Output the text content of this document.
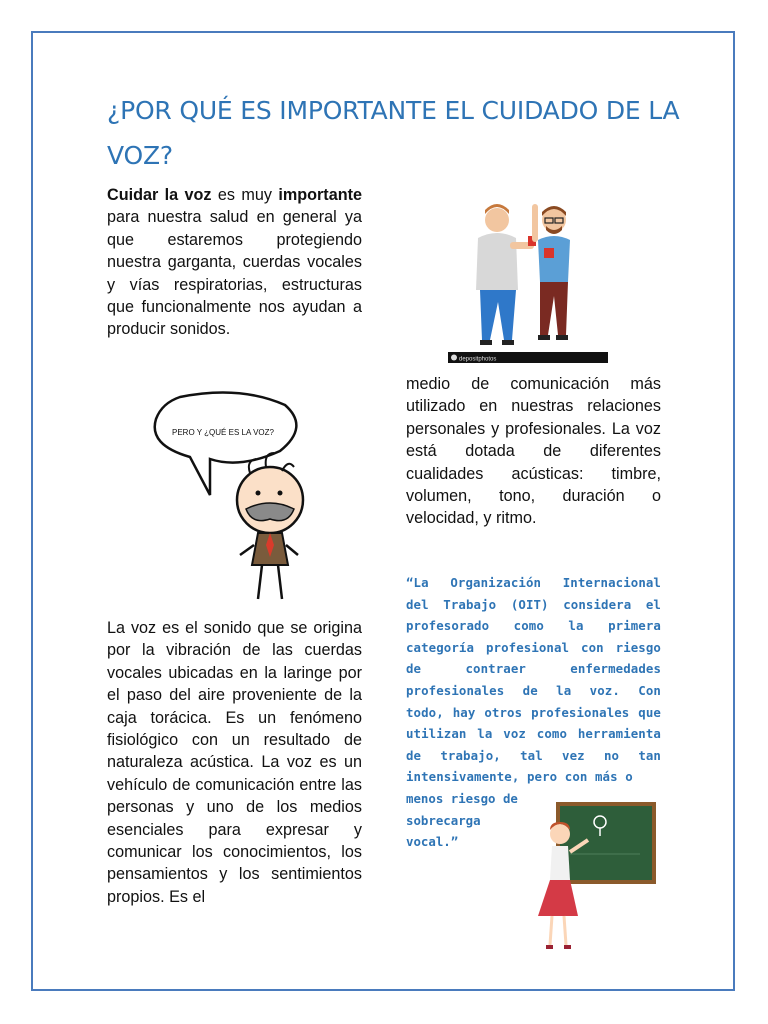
¿POR QUÉ ES IMPORTANTE EL CUIDADO DE LA VOZ?

Cuidar la voz es muy importante para nuestra salud en general ya que estaremos protegiendo nuestra garganta, cuerdas vocales y vías respiratorias, estructuras que funcionalmente nos ayudan a producir sonidos.

depositphotos

medio de comunicación más utilizado en nuestras relaciones personales y profesionales. La voz está dotada de diferentes cualidades acústicas: timbre, volumen, tono, duración o velocidad, y ritmo.

PERO Y ¿QUÉ ES LA VOZ?

La voz es el sonido que se origina por la vibración de las cuerdas vocales ubicadas en la laringe por el paso del aire proveniente de la caja torácica. Es un fenómeno fisiológico con un resultado de naturaleza acústica. La voz es un vehículo de comunicación entre las personas y uno de los medios esenciales para expresar y comunicar los conocimientos, los pensamientos y los sentimientos propios. Es el

“La Organización Internacional del Trabajo (OIT) considera el profesorado como la primera categoría profesional con riesgo de contraer enfermedades profesionales de la voz. Con todo, hay otros profesionales que utilizan la voz como herramienta de trabajo, tal vez no tan intensivamente, pero con más o

menos riesgo de sobrecarga vocal.”
